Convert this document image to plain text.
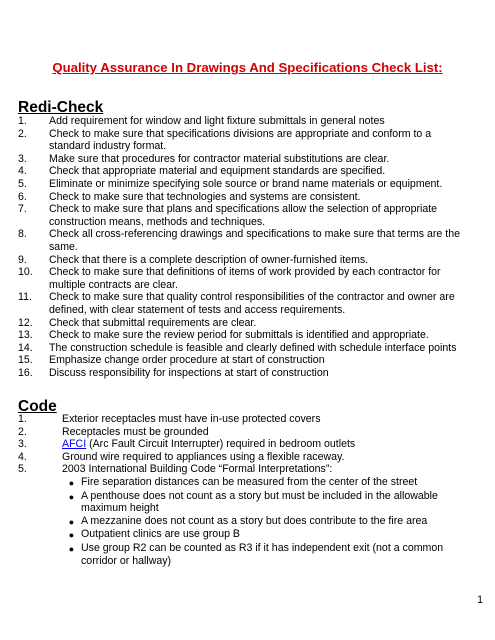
Quality Assurance In Drawings And Specifications Check List:
Redi-Check
1.	Add requirement for window and light fixture submittals in general notes
2.	Check to make sure that specifications divisions are appropriate and conform to a standard industry format.
3.	Make sure that procedures for contractor material substitutions are clear.
4.	Check that appropriate material and equipment standards are specified.
5.	Eliminate or minimize specifying sole source or brand name materials or equipment.
6.	Check to make sure that technologies and systems are consistent.
7.	Check to make sure that plans and specifications allow the selection of appropriate construction means, methods and techniques.
8.	Check all cross-referencing drawings and specifications to make sure that terms are the same.
9.	Check that there is a complete description of owner-furnished items.
10.	Check to make sure that definitions of items of work provided by each contractor for multiple contracts are clear.
11.	Check to make sure that quality control responsibilities of the contractor and owner are defined, with clear statement of tests and access requirements.
12.	Check that submittal requirements are clear.
13.	Check to make sure the review period for submittals is identified and appropriate.
14.	The construction schedule is feasible and clearly defined with schedule interface points
15.	Emphasize change order procedure at start of construction
16.	Discuss responsibility for inspections at start of construction
Code
1.	Exterior receptacles must have in-use protected covers
2.	Receptacles must be grounded
3.	AFCI (Arc Fault Circuit Interrupter) required in bedroom outlets
4.	Ground wire required to appliances using a flexible raceway.
5.	2003 International Building Code “Formal Interpretations”:
● Fire separation distances can be measured from the center of the street
● A penthouse does not count as a story but must be included in the allowable maximum height
● A mezzanine does not count as a story but does contribute to the fire area
● Outpatient clinics are use group B
● Use group R2 can be counted as R3 if it has independent exit (not a common corridor or hallway)
1
